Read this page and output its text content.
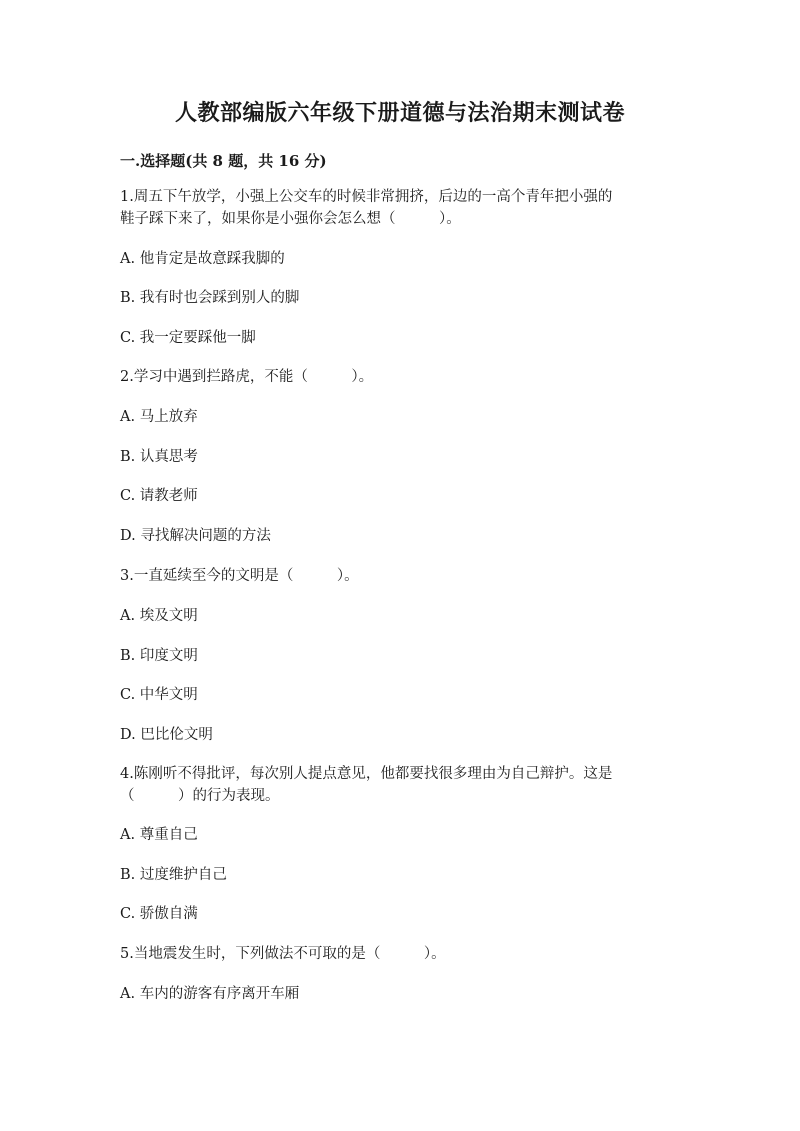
人教部编版六年级下册道德与法治期末测试卷
一.选择题(共 8 题，共 16 分)
1.周五下午放学，小强上公交车的时候非常拥挤，后边的一高个青年把小强的
鞋子踩下来了，如果你是小强你会怎么想（　　　）。
A. 他肯定是故意踩我脚的
B. 我有时也会踩到别人的脚
C. 我一定要踩他一脚
2.学习中遇到拦路虎，不能（　　　）。
A. 马上放弃
B. 认真思考
C. 请教老师
D. 寻找解决问题的方法
3.一直延续至今的文明是（　　　）。
A. 埃及文明
B. 印度文明
C. 中华文明
D. 巴比伦文明
4.陈刚听不得批评，每次别人提点意见，他都要找很多理由为自己辩护。这是
（　　　）的行为表现。
A. 尊重自己
B. 过度维护自己
C. 骄傲自满
5.当地震发生时，下列做法不可取的是（　　　）。
A. 车内的游客有序离开车厢
